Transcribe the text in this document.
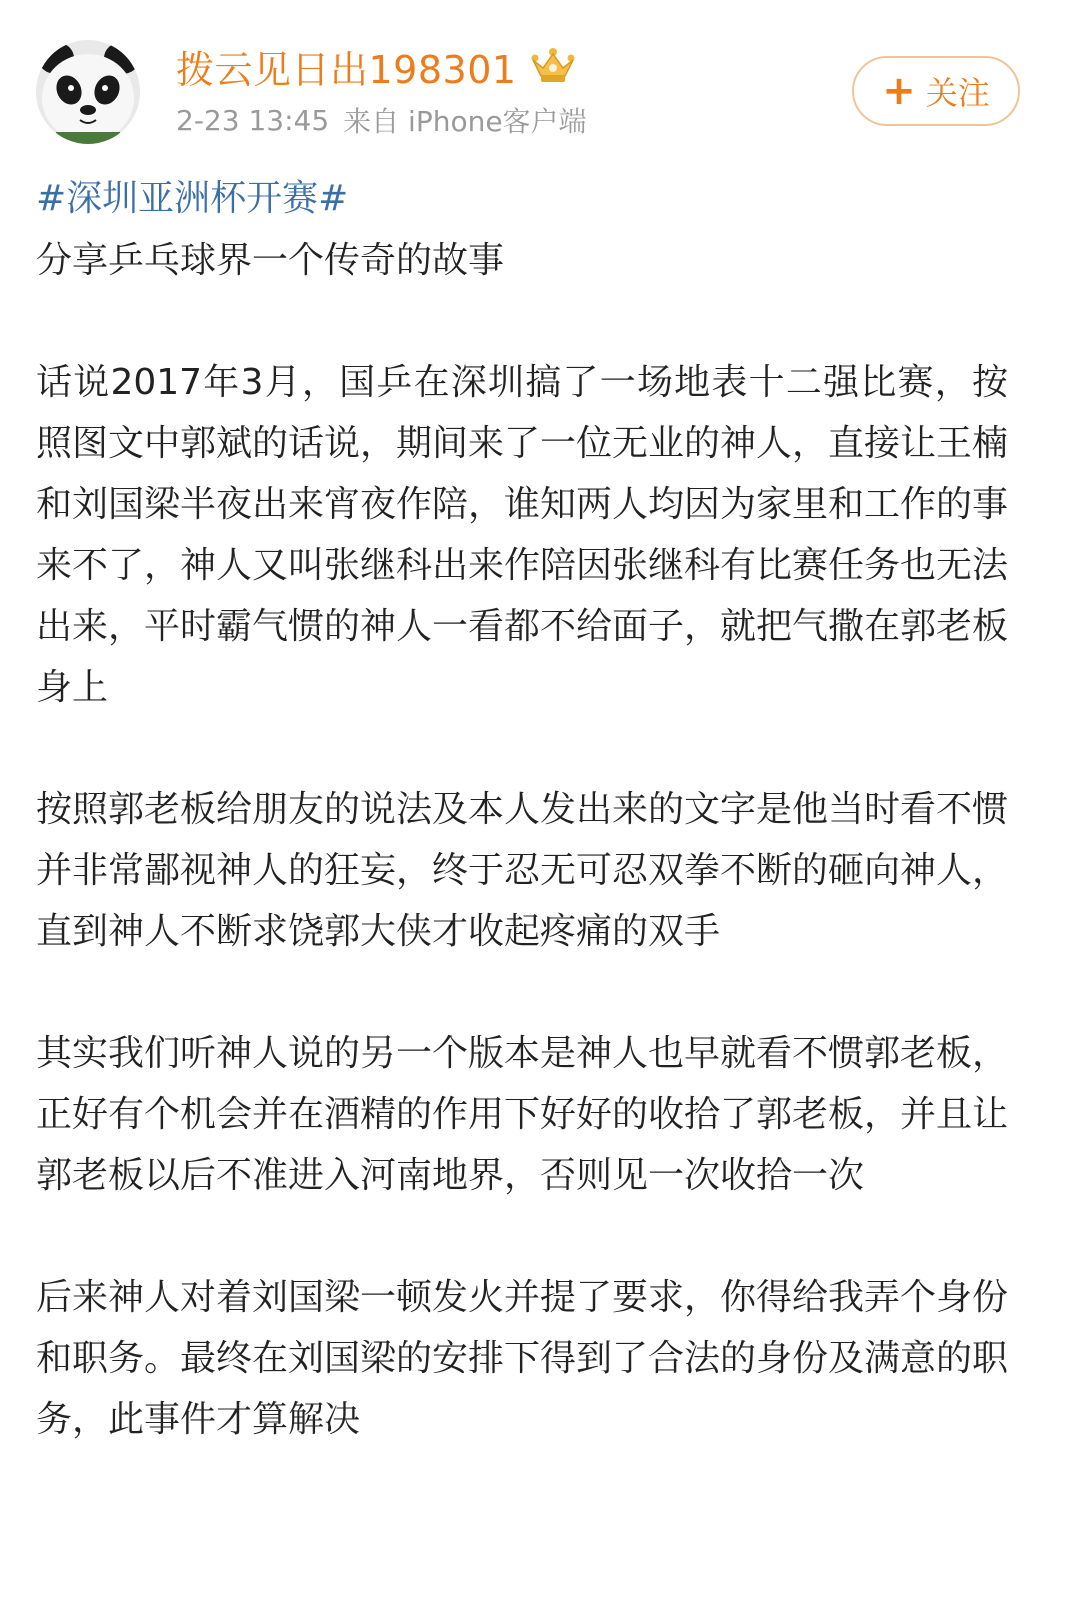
拨云见日出198301
2-23 13:45 来自 iPhone客户端
+ 关注
#深圳亚洲杯开赛#

分享乒乓球界一个传奇的故事

话说2017年3月，国乒在深圳搞了一场地表十二强比赛，按照图文中郭斌的话说，期间来了一位无业的神人，直接让王楠和刘国梁半夜出来宵夜作陪，谁知两人均因为家里和工作的事来不了，神人又叫张继科出来作陪因张继科有比赛任务也无法出来，平时霸气惯的神人一看都不给面子，就把气撒在郭老板身上

按照郭老板给朋友的说法及本人发出来的文字是他当时看不惯并非常鄙视神人的狂妄，终于忍无可忍双拳不断的砸向神人，直到神人不断求饶郭大侠才收起疼痛的双手

其实我们听神人说的另一个版本是神人也早就看不惯郭老板，正好有个机会并在酒精的作用下好好的收拾了郭老板，并且让郭老板以后不准进入河南地界，否则见一次收拾一次

后来神人对着刘国梁一顿发火并提了要求，你得给我弄个身份和职务。最终在刘国梁的安排下得到了合法的身份及满意的职务，此事件才算解决
